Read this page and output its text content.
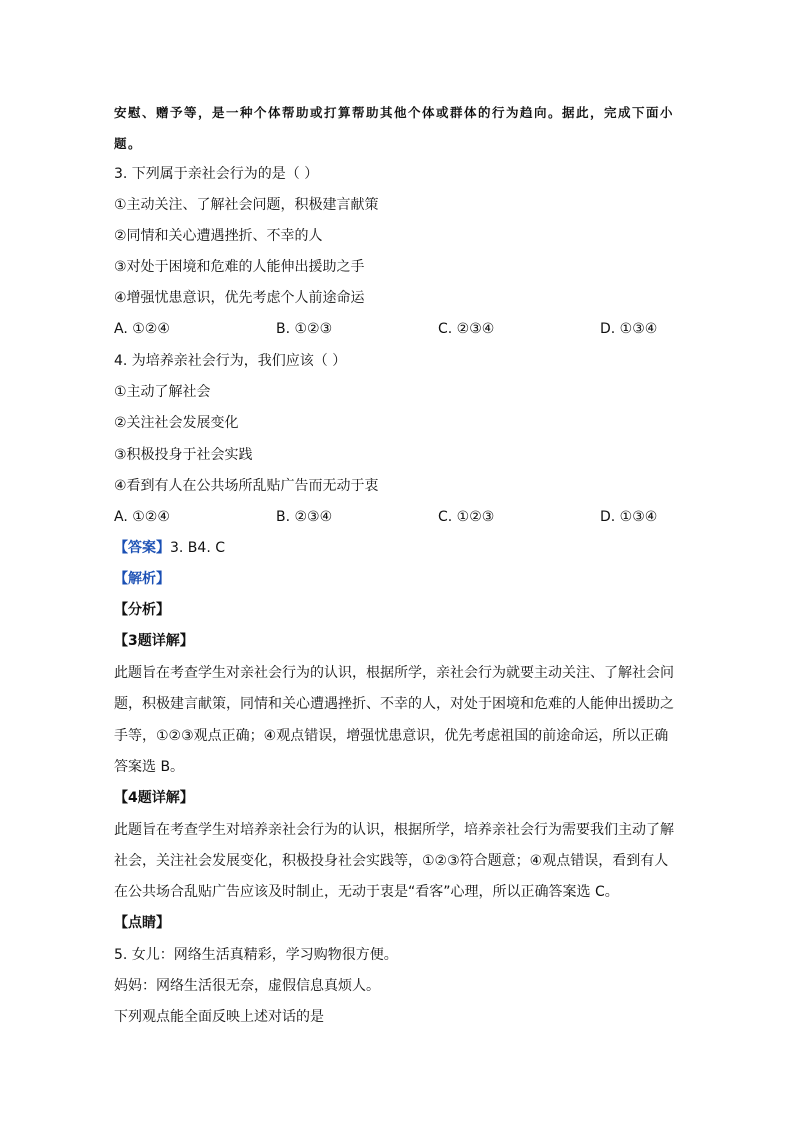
安慰、赠予等，是一种个体帮助或打算帮助其他个体或群体的行为趋向。据此，完成下面小
题。
3. 下列属于亲社会行为的是（ ）
①主动关注、了解社会问题，积极建言献策
②同情和关心遭遇挫折、不幸的人
③对处于困境和危难的人能伸出援助之手
④增强忧患意识，优先考虑个人前途命运
A. ①②④	B. ①②③	C. ②③④	D. ①③④
4. 为培养亲社会行为，我们应该（ ）
①主动了解社会
②关注社会发展变化
③积极投身于社会实践
④看到有人在公共场所乱贴广告而无动于衷
A. ①②④	B. ②③④	C. ①②③	D. ①③④
【答案】3. B4. C
【解析】
【分析】
【3题详解】
此题旨在考查学生对亲社会行为的认识，根据所学，亲社会行为就要主动关注、了解社会问
题，积极建言献策，同情和关心遭遇挫折、不幸的人，对处于困境和危难的人能伸出援助之
手等，①②③观点正确；④观点错误，增强忧患意识，优先考虑祖国的前途命运，所以正确
答案选 B。
【4题详解】
此题旨在考查学生对培养亲社会行为的认识，根据所学，培养亲社会行为需要我们主动了解
社会，关注社会发展变化，积极投身社会实践等，①②③符合题意；④观点错误，看到有人
在公共场合乱贴广告应该及时制止，无动于衷是“看客”心理，所以正确答案选 C。
【点睛】
5. 女儿：网络生活真精彩，学习购物很方便。
妈妈：网络生活很无奈，虚假信息真烦人。
下列观点能全面反映上述对话的是
